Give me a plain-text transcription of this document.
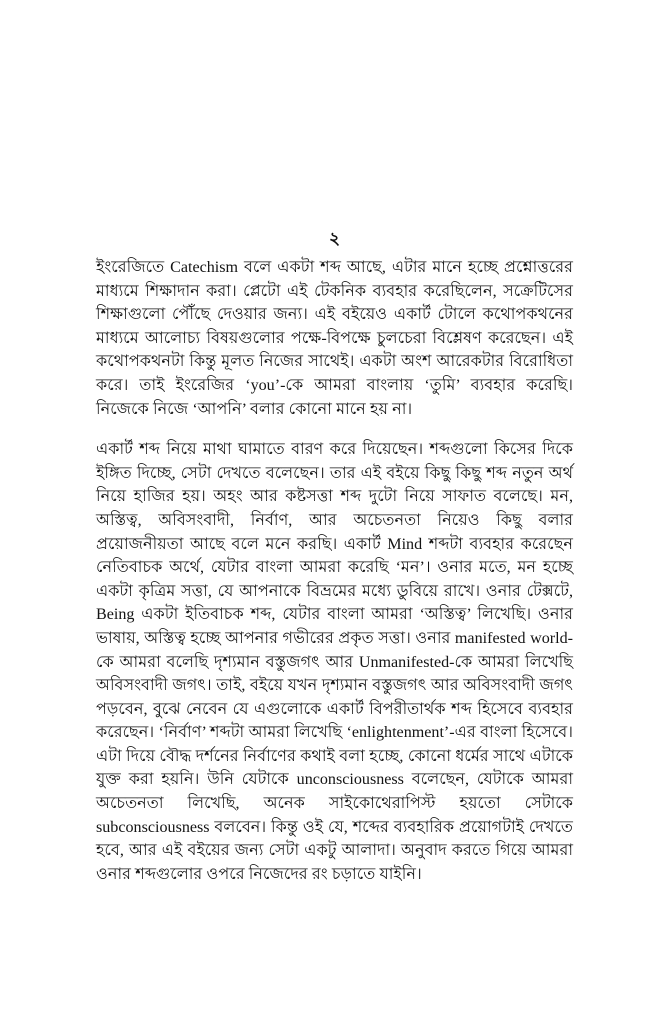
২

ইংরেজিতে Catechism বলে একটা শব্দ আছে, এটার মানে হচ্ছে প্রশ্নোত্তরের মাধ্যমে শিক্ষাদান করা। প্লেটো এই টেকনিক ব্যবহার করেছিলেন, সক্রেটিসের শিক্ষাগুলো পৌঁছে দেওয়ার জন্য। এই বইয়েও একার্ট টোলে কথোপকথনের মাধ্যমে আলোচ্য বিষয়গুলোর পক্ষে-বিপক্ষে চুলচেরা বিশ্লেষণ করেছেন। এই কথোপকথনটা কিন্তু মূলত নিজের সাথেই। একটা অংশ আরেকটার বিরোধিতা করে। তাই ইংরেজির ‘you’-কে আমরা বাংলায় ‘তুমি’ ব্যবহার করেছি। নিজেকে নিজে ‘আপনি’ বলার কোনো মানে হয় না।

একার্ট শব্দ নিয়ে মাথা ঘামাতে বারণ করে দিয়েছেন। শব্দগুলো কিসের দিকে ইঙ্গিত দিচ্ছে, সেটা দেখতে বলেছেন। তার এই বইয়ে কিছু কিছু শব্দ নতুন অর্থ নিয়ে হাজির হয়। অহং আর কষ্টসত্তা শব্দ দুটো নিয়ে সাফাত বলেছে। মন, অস্তিত্ব, অবিসংবাদী, নির্বাণ, আর অচেতনতা নিয়েও কিছু বলার প্রয়োজনীয়তা আছে বলে মনে করছি। একার্ট Mind শব্দটা ব্যবহার করেছেন নেতিবাচক অর্থে, যেটার বাংলা আমরা করেছি ‘মন’। ওনার মতে, মন হচ্ছে একটা কৃত্রিম সত্তা, যে আপনাকে বিভ্রমের মধ্যে ডুবিয়ে রাখে। ওনার টেক্সটে, Being একটা ইতিবাচক শব্দ, যেটার বাংলা আমরা ‘অস্তিত্ব’ লিখেছি। ওনার ভাষায়, অস্তিত্ব হচ্ছে আপনার গভীরের প্রকৃত সত্তা। ওনার manifested world-কে আমরা বলেছি দৃশ্যমান বস্তুজগৎ আর Unmanifested-কে আমরা লিখেছি অবিসংবাদী জগৎ। তাই, বইয়ে যখন দৃশ্যমান বস্তুজগৎ আর অবিসংবাদী জগৎ পড়বেন, বুঝে নেবেন যে এগুলোকে একার্ট বিপরীতার্থক শব্দ হিসেবে ব্যবহার করেছেন। ‘নির্বাণ’ শব্দটা আমরা লিখেছি ‘enlightenment’-এর বাংলা হিসেবে। এটা দিয়ে বৌদ্ধ দর্শনের নির্বাণের কথাই বলা হচ্ছে, কোনো ধর্মের সাথে এটাকে যুক্ত করা হয়নি। উনি যেটাকে unconsciousness বলেছেন, যেটাকে আমরা অচেতনতা লিখেছি, অনেক সাইকোথেরাপিস্ট হয়তো সেটাকে subconsciousness বলবেন। কিন্তু ওই যে, শব্দের ব্যবহারিক প্রয়োগটাই দেখতে হবে, আর এই বইয়ের জন্য সেটা একটু আলাদা। অনুবাদ করতে গিয়ে আমরা ওনার শব্দগুলোর ওপরে নিজেদের রং চড়াতে যাইনি।
